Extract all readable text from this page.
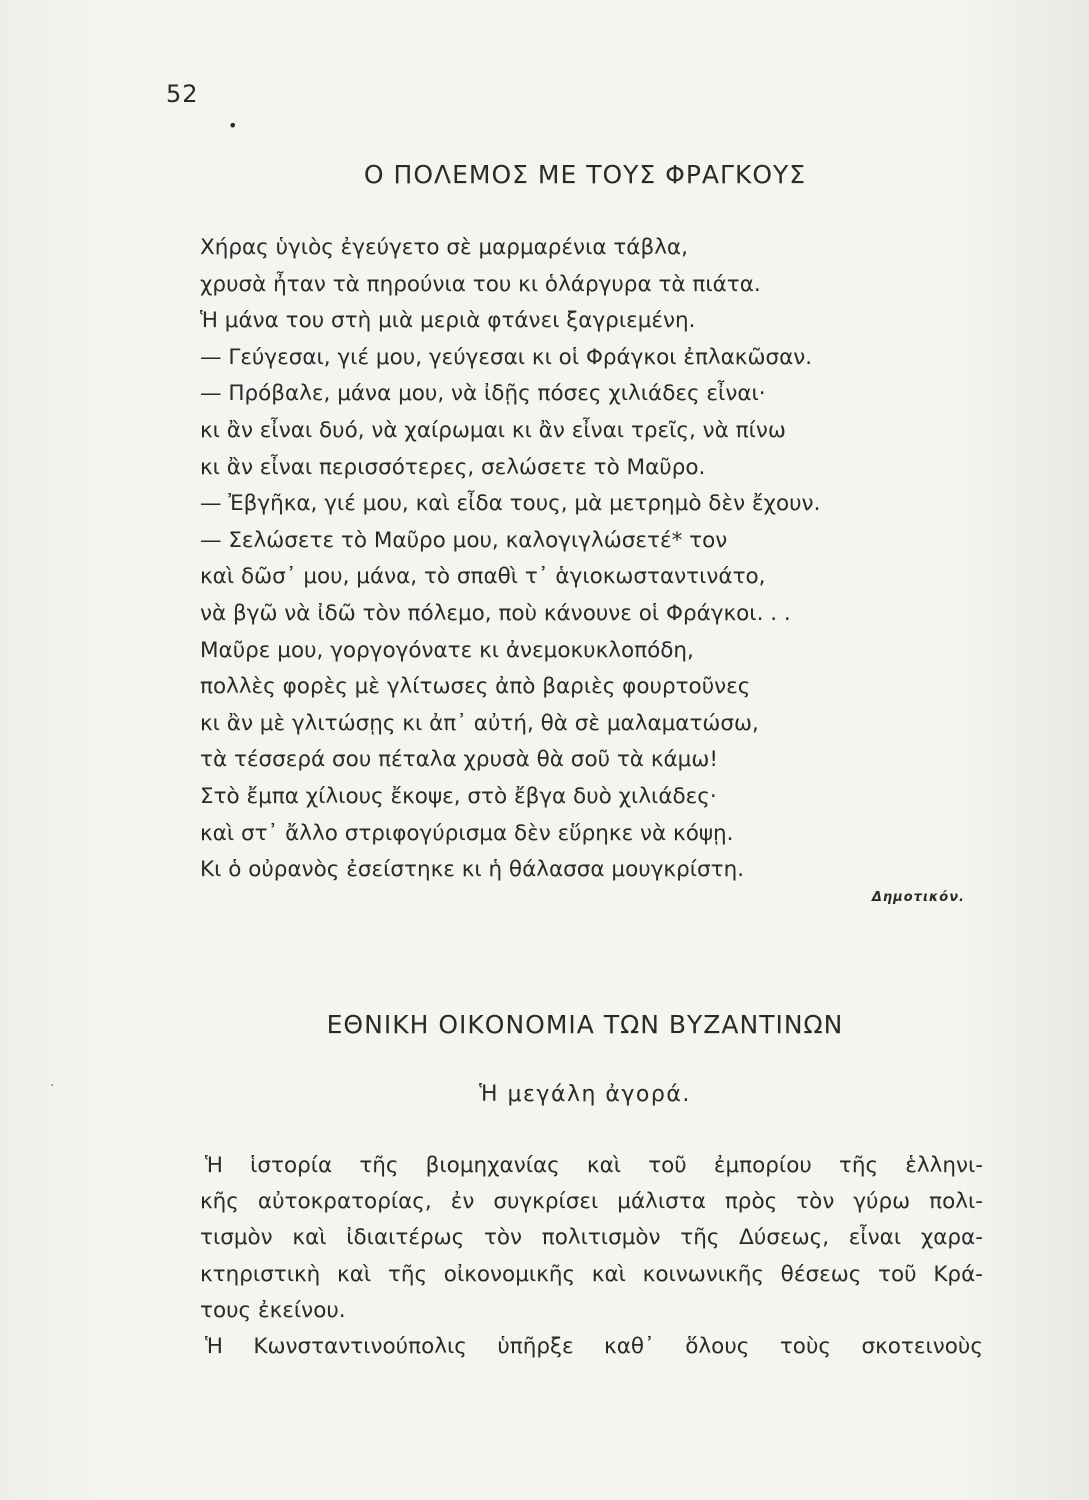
52
•
Ο ΠΟΛΕΜΟΣ ΜΕ ΤΟΥΣ ΦΡΑΓΚΟΥΣ
Χήρας ὑγιὸς ἐγεύγετο σὲ μαρμαρένια τάβλα,
χρυσὰ ἦταν τὰ πηρούνια του κι ὁλάργυρα τὰ πιάτα.
Ἡ μάνα του στὴ μιὰ μεριὰ φτάνει ξαγριεμένη.
— Γεύγεσαι, γιέ μου, γεύγεσαι κι οἱ Φράγκοι ἐπλακῶσαν.
— Πρόβαλε, μάνα μου, νὰ ἰδῇς πόσες χιλιάδες εἶναι·
κι ἂν εἶναι δυό, νὰ χαίρωμαι κι ἂν εἶναι τρεῖς, νὰ πίνω
κι ἂν εἶναι περισσότερες, σελώσετε τὸ Μαῦρο.
— Ἐβγῆκα, γιέ μου, καὶ εἶδα τους, μὰ μετρημὸ δὲν ἔχουν.
— Σελώσετε τὸ Μαῦρο μου, καλογιγλώσετέ* τον
καὶ δῶσ᾽ μου, μάνα, τὸ σπαθὶ τ᾽ ἁγιοκωσταντινάτο,
νὰ βγῶ νὰ ἰδῶ τὸν πόλεμο, ποὺ κάνουνε οἱ Φράγκοι. . .
Μαῦρε μου, γοργογόνατε κι ἀνεμοκυκλοπόδη,
πολλὲς φορὲς μὲ γλίτωσες ἀπὸ βαριὲς φουρτοῦνες
κι ἂν μὲ γλιτώσῃς κι ἀπ᾽ αὐτή, θὰ σὲ μαλαματώσω,
τὰ τέσσερά σου πέταλα χρυσὰ θὰ σοῦ τὰ κάμω!
Στὸ ἔμπα χίλιους ἔκοψε, στὸ ἔβγα δυὸ χιλιάδες·
καὶ στ᾽ ἄλλο στριφογύρισμα δὲν εὕρηκε νὰ κόψῃ.
Κι ὁ οὐρανὸς ἐσείστηκε κι ἡ θάλασσα μουγκρίστη.
Δημοτικόν.
·
ΕΘΝΙΚΗ ΟΙΚΟΝΟΜΙΑ ΤΩΝ ΒΥΖΑΝΤΙΝΩΝ
Ἡ μεγάλη ἀγορά.
Ἡ ἱστορία τῆς βιομηχανίας καὶ τοῦ ἐμπορίου τῆς ἑλληνι-
κῆς αὐτοκρατορίας, ἐν συγκρίσει μάλιστα πρὸς τὸν γύρω πολι-
τισμὸν καὶ ἰδιαιτέρως τὸν πολιτισμὸν τῆς Δύσεως, εἶναι χαρα-
κτηριστικὴ καὶ τῆς οἰκονομικῆς καὶ κοινωνικῆς θέσεως τοῦ Κρά-
τους ἐκείνου.
Ἡ Κωνσταντινούπολις ὑπῆρξε καθ᾽ ὅλους τοὺς σκοτεινοὺς
